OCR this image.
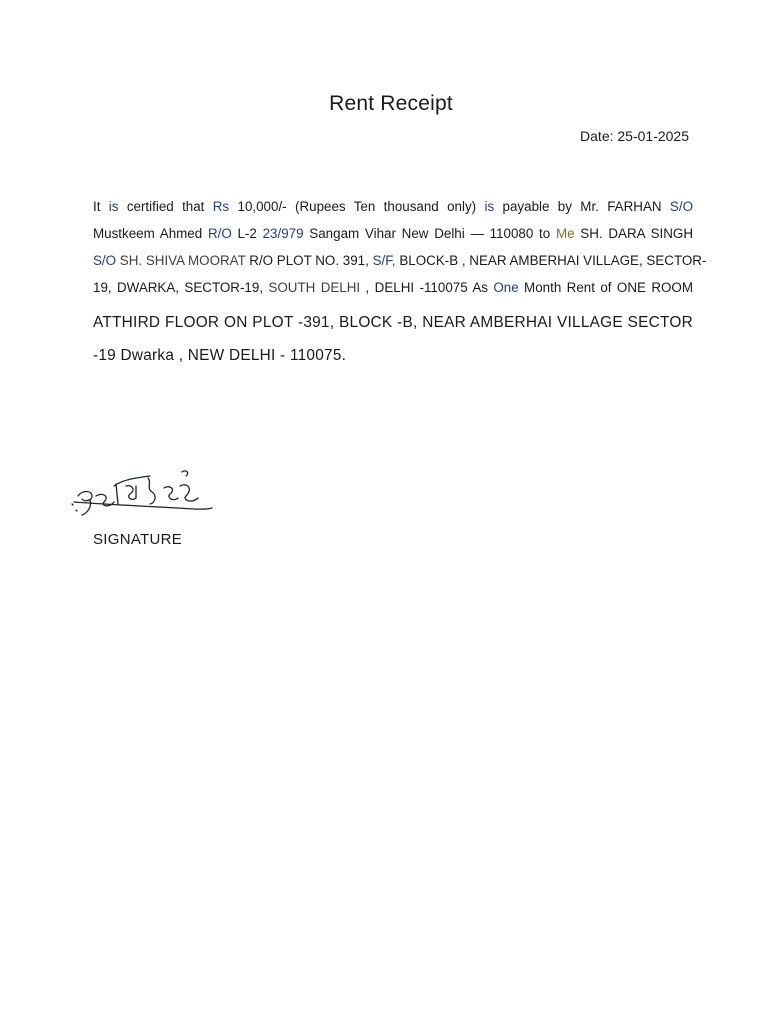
Rent Receipt
Date: 25-01-2025
It is certified that Rs 10,000/- (Rupees Ten thousand only) is payable by Mr. FARHAN S/O
Mustkeem Ahmed R/O L-2 23/979 Sangam Vihar New Delhi — 110080 to Me SH. DARA SINGH
S/O SH. SHIVA MOORAT R/O PLOT NO. 391, S/F, BLOCK-B , NEAR AMBERHAI VILLAGE, SECTOR-
19, DWARKA, SECTOR-19, SOUTH DELHI , DELHI -110075 As One Month Rent of ONE ROOM
ATTHIRD FLOOR ON PLOT -391, BLOCK -B, NEAR AMBERHAI VILLAGE SECTOR
-19 Dwarka , NEW DELHI - 110075.
SIGNATURE
